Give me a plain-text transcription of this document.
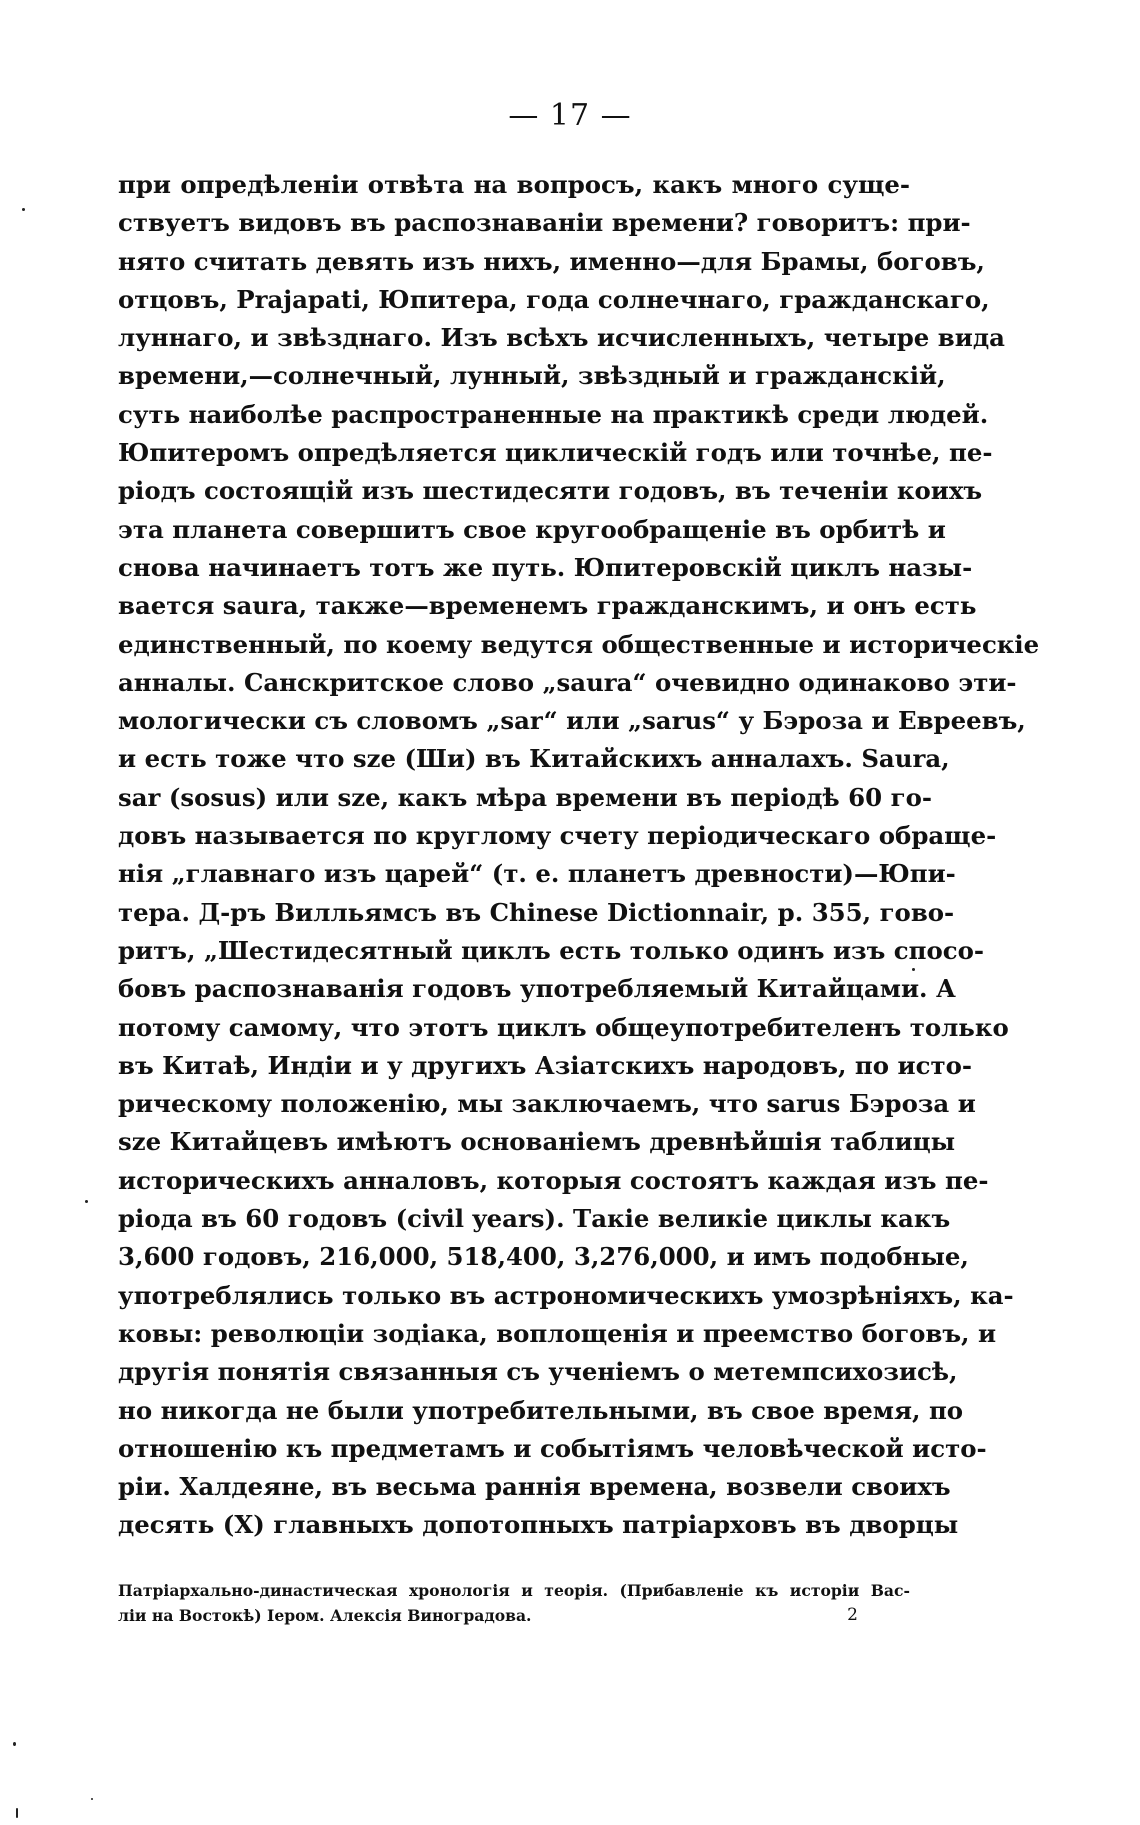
— 17 —
при опредѣленіи отвѣта на вопросъ, какъ много суще-
ствуетъ видовъ въ распознаваніи времени? говоритъ: при-
нято считать девять изъ нихъ, именно—для Брамы, боговъ,
отцовъ, Prajapati, Юпитера, года солнечнаго, гражданскаго,
луннаго, и звѣзднаго. Изъ всѣхъ исчисленныхъ, четыре вида
времени,—солнечный, лунный, звѣздный и гражданскій,
суть наиболѣе распространенные на практикѣ среди людей.
Юпитеромъ опредѣляется циклическій годъ или точнѣе, пе-
ріодъ состоящій изъ шестидесяти годовъ, въ теченіи коихъ
эта планета совершитъ свое кругообращеніе въ орбитѣ и
снова начинаетъ тотъ же путь. Юпитеровскій циклъ назы-
вается saura, также—временемъ гражданскимъ, и онъ есть
единственный, по коему ведутся общественные и историческіе
анналы. Санскритское слово „saura“ очевидно одинаково эти-
мологически съ словомъ „sar“ или „sarus“ у Бэроза и Евреевъ,
и есть тоже что sze (Ши) въ Китайскихъ анналахъ. Saura,
sar (sosus) или sze, какъ мѣра времени въ періодѣ 60 го-
довъ называется по круглому счету періодическаго обраще-
нія „главнаго изъ царей“ (т. е. планетъ древности)—Юпи-
тера. Д-ръ Вилльямсъ въ Chinese Dictionnair, p. 355, гово-
ритъ, „Шестидесятный циклъ есть только одинъ изъ спосо-
бовъ распознаванія годовъ употребляемый Китайцами. А
потому самому, что этотъ циклъ общеупотребителенъ только
въ Китаѣ, Индіи и у другихъ Азіатскихъ народовъ, по исто-
рическому положенію, мы заключаемъ, что sarus Бэроза и
sze Китайцевъ имѣютъ основаніемъ древнѣйшія таблицы
историческихъ анналовъ, которыя состоятъ каждая изъ пе-
ріода въ 60 годовъ (civil years). Такіе великіе циклы какъ
3,600 годовъ, 216,000, 518,400, 3,276,000, и имъ подобные,
употреблялись только въ астрономическихъ умозрѣніяхъ, ка-
ковы: революціи зодіака, воплощенія и преемство боговъ, и
другія понятія связанныя съ ученіемъ о метемпсихозисѣ,
но никогда не были употребительными, въ свое время, по
отношенію къ предметамъ и событіямъ человѣческой исто-
ріи. Халдеяне, въ весьма раннія времена, возвели своихъ
десять (X) главныхъ допотопныхъ патріарховъ въ дворцы
Патріархально-династическая хронологія и теорія. (Прибавленіе къ исторіи Вас-
ліи на Востокѣ) Іером. Алексія Виноградова.	2
